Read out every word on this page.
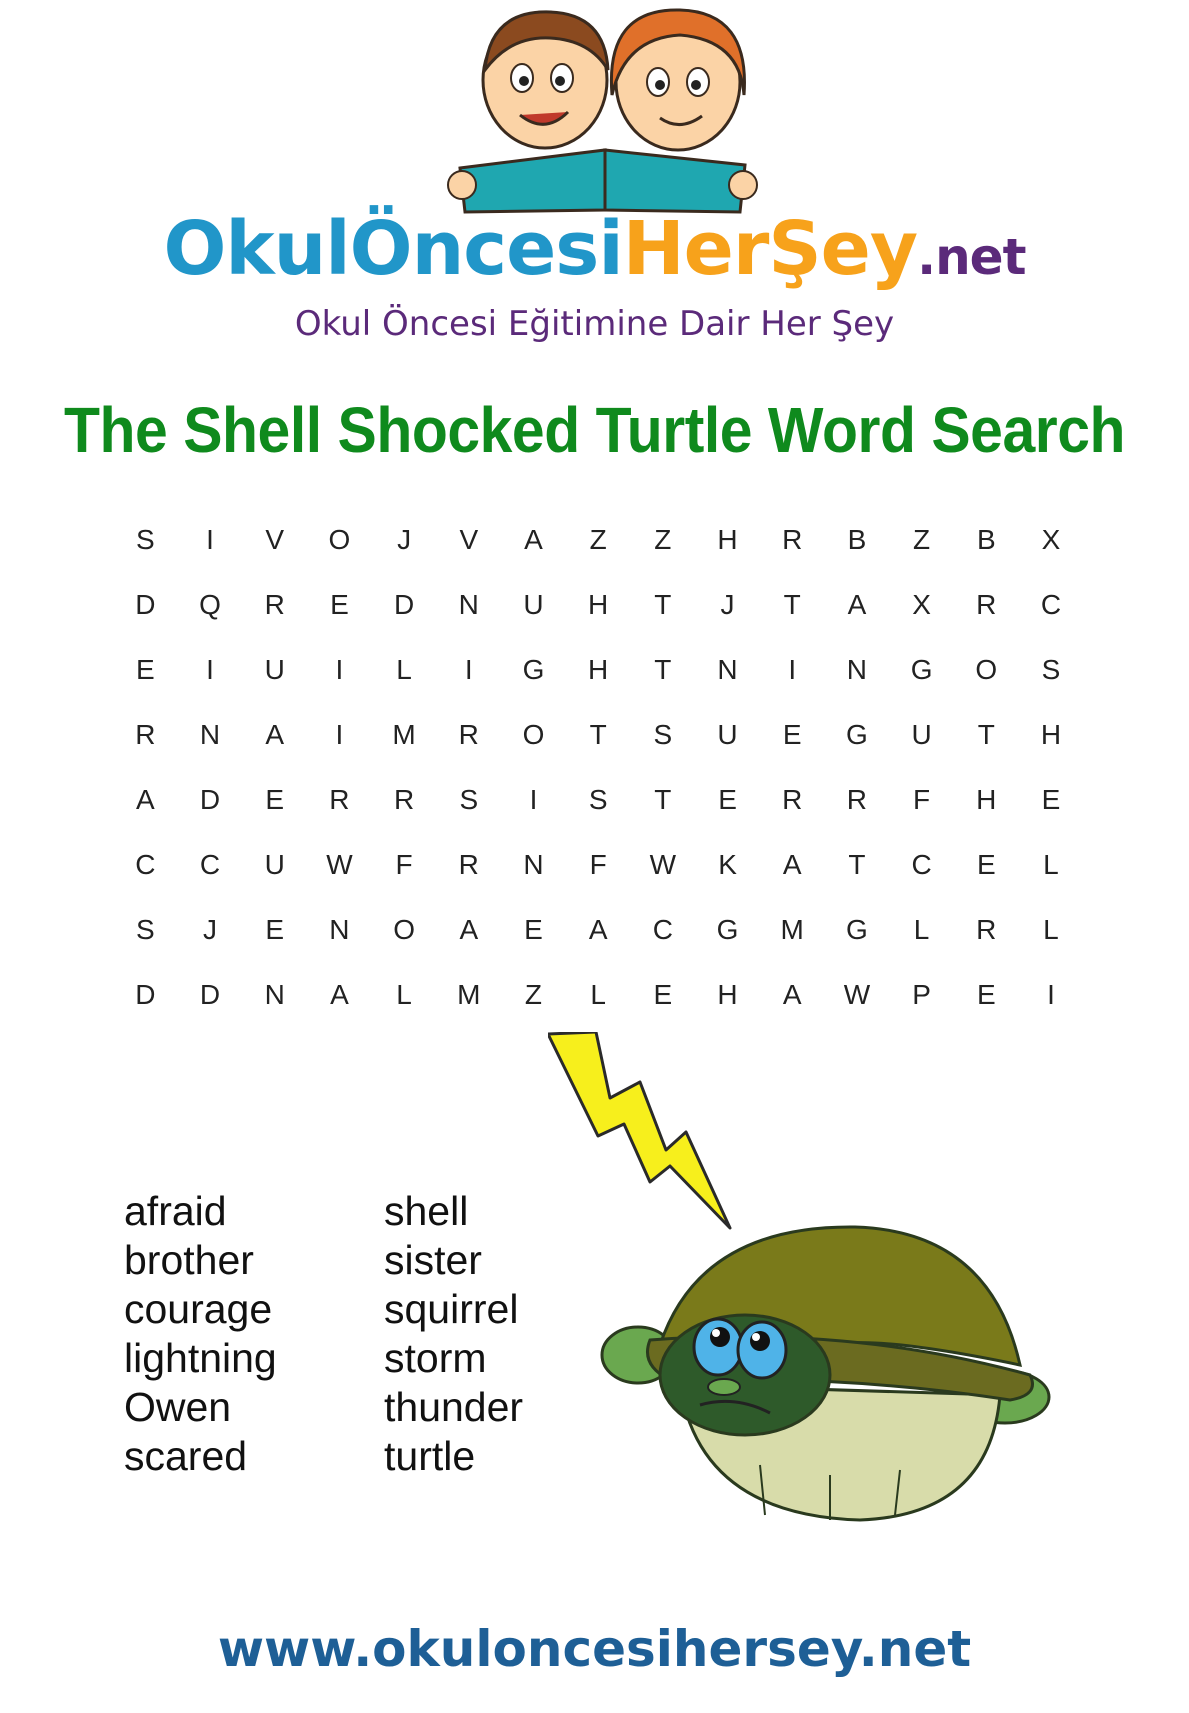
OkulÖncesiHerŞey.net
Okul Öncesi Eğitimine Dair Her Şey
The Shell Shocked Turtle Word Search
S	I	V	O	J	V	A	Z	Z	H	R	B	Z	B	X
D	Q	R	E	D	N	U	H	T	J	T	A	X	R	C
E	I	U	I	L	I	G	H	T	N	I	N	G	O	S
R	N	A	I	M	R	O	T	S	U	E	G	U	T	H
A	D	E	R	R	S	I	S	T	E	R	R	F	H	E
C	C	U	W	F	R	N	F	W	K	A	T	C	E	L
S	J	E	N	O	A	E	A	C	G	M	G	L	R	L
D	D	N	A	L	M	Z	L	E	H	A	W	P	E	I
afraid
brother
courage
lightning
Owen
scared
shell
sister
squirrel
storm
thunder
turtle
www.okuloncesihersey.net
